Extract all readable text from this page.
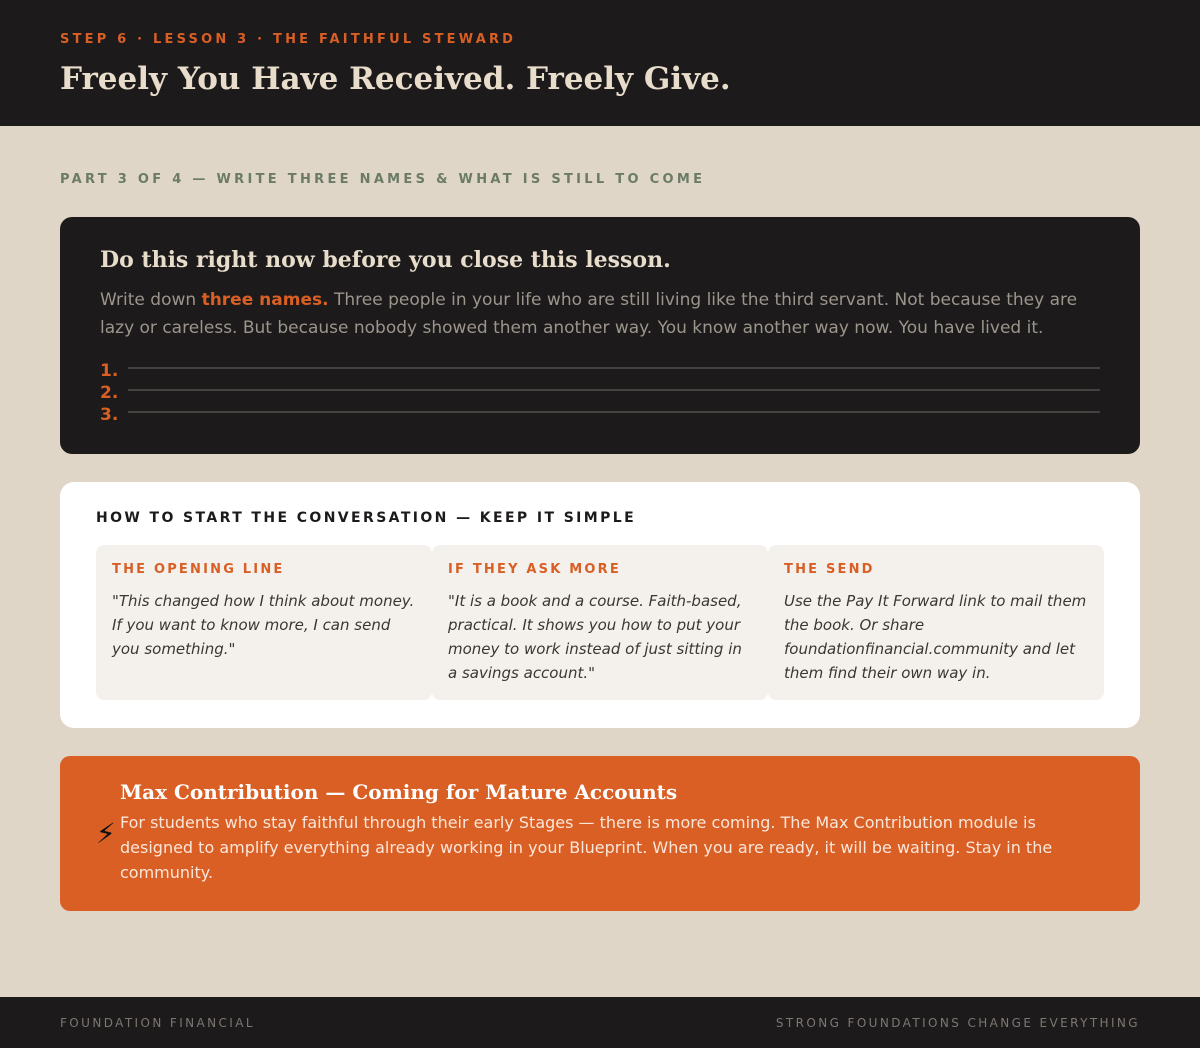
STEP 6 · LESSON 3 · THE FAITHFUL STEWARD
Freely You Have Received. Freely Give.
PART 3 OF 4 — WRITE THREE NAMES & WHAT IS STILL TO COME
Do this right now before you close this lesson.

Write down three names. Three people in your life who are still living like the third servant. Not because they are lazy or careless. But because nobody showed them another way. You know another way now. You have lived it.

1.
2.
3.
HOW TO START THE CONVERSATION — KEEP IT SIMPLE
THE OPENING LINE

"This changed how I think about money. If you want to know more, I can send you something."

IF THEY ASK MORE

"It is a book and a course. Faith-based, practical. It shows you how to put your money to work instead of just sitting in a savings account."

THE SEND

Use the Pay It Forward link to mail them the book. Or share foundationfinancial.community and let them find their own way in.

⚡
Max Contribution — Coming for Mature Accounts

For students who stay faithful through their early Stages — there is more coming. The Max Contribution module is designed to amplify everything already working in your Blueprint. When you are ready, it will be waiting. Stay in the community.

FOUNDATION FINANCIAL	STRONG FOUNDATIONS CHANGE EVERYTHING
